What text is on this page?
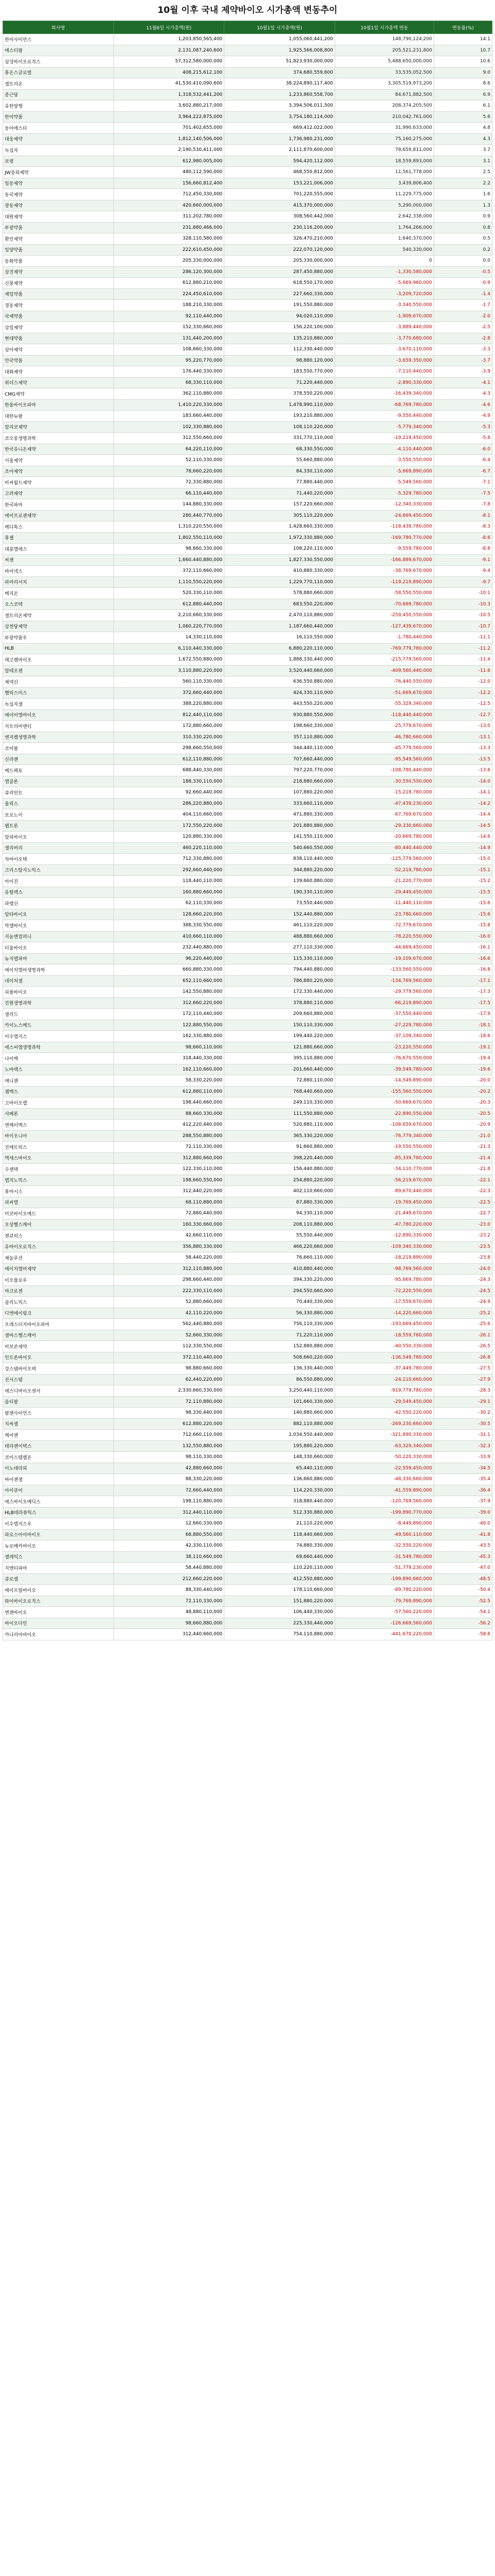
10월 이후 국내 제약바이오 시가총액 변동추이
회사명	11월6일 시가총액(원)	10월1일 시가총액(원)	10월1일 시가총액 변동	변동률(%)
한미사이언스	1,203,850,565,400	1,055,060,441,200	148,790,124,200	14.1
에스티팜	2,131,087,240,600	1,925,566,008,800	205,521,231,800	10.7
삼성바이오로직스	57,312,580,000,000	51,823,930,000,000	5,488,650,000,000	10.6
휴온스글로벌	408,215,612,100	374,680,559,600	33,535,052,500	9.0
셀트리온	41,530,410,090,600	38,224,890,117,400	3,305,519,973,200	8.6
종근당	1,318,532,441,200	1,233,860,558,700	84,671,882,500	6.9
유한양행	3,602,880,217,000	3,394,506,011,500	208,374,205,500	6.1
한미약품	3,964,222,875,000	3,754,180,114,000	210,042,761,000	5.6
동아에스티	701,402,655,000	669,412,022,000	31,990,633,000	4.8
대웅제약	1,812,140,506,000	1,736,980,231,000	75,160,275,000	4.3
녹십자	2,190,530,411,000	2,111,870,600,000	78,659,811,000	3.7
보령	612,980,005,000	594,420,112,000	18,559,893,000	3.1
JW중외제약	480,112,590,000	468,550,812,000	11,561,778,000	2.5
일동제약	156,660,812,400	153,221,006,000	3,439,806,400	2.2
동국제약	712,450,330,000	701,220,555,000	11,229,775,000	1.6
광동제약	420,660,000,000	415,370,000,000	5,290,000,000	1.3
대원제약	311,202,780,000	308,560,442,000	2,642,338,000	0.9
부광약품	231,880,466,000	230,116,200,000	1,764,266,000	0.8
환인제약	328,110,580,000	326,470,210,000	1,640,370,000	0.5
일양약품	222,610,450,000	222,070,120,000	540,330,000	0.2
동화약품	205,330,000,000	205,330,000,000	0	0.0
삼진제약	286,120,300,000	287,450,880,000	-1,330,580,000	-0.5
신풍제약	612,880,210,000	618,550,170,000	-5,669,960,000	-0.9
제일약품	224,450,610,000	227,660,330,000	-3,209,720,000	-1.4
경동제약	188,210,330,000	191,550,880,000	-3,340,550,000	-1.7
국제약품	92,110,440,000	94,020,110,000	-1,909,670,000	-2.0
삼일제약	152,330,660,000	156,220,100,000	-3,889,440,000	-2.5
현대약품	131,440,200,000	135,210,880,000	-3,770,680,000	-2.8
삼아제약	108,660,330,000	112,330,440,000	-3,670,110,000	-3.3
안국약품	95,220,770,000	98,880,120,000	-3,659,350,000	-3.7
대화제약	176,440,330,000	183,550,770,000	-7,110,440,000	-3.9
위더스제약	68,330,110,000	71,220,440,000	-2,890,330,000	-4.1
CMG제약	362,110,880,000	378,550,220,000	-16,439,340,000	-4.3
한올바이오파마	1,410,220,330,000	1,478,990,110,000	-68,769,780,000	-4.6
대한뉴팜	183,660,440,000	193,210,880,000	-9,550,440,000	-4.9
알리코제약	102,330,880,000	108,110,220,000	-5,779,340,000	-5.3
코오롱생명과학	312,550,660,000	331,770,110,000	-19,219,450,000	-5.8
한국유니온제약	64,220,110,000	68,330,550,000	-4,110,440,000	-6.0
서울제약	52,110,330,000	55,660,880,000	-3,550,550,000	-6.4
조아제약	78,660,220,000	84,330,110,000	-5,669,890,000	-6.7
비씨월드제약	72,330,880,000	77,880,440,000	-5,549,560,000	-7.1
고려제약	66,110,440,000	71,440,220,000	-5,329,780,000	-7.5
한국파마	144,880,330,000	157,220,660,000	-12,340,330,000	-7.8
에이프로젠제약	280,440,770,000	305,110,220,000	-24,669,450,000	-8.1
메디톡스	1,310,220,550,000	1,428,660,330,000	-118,439,780,000	-8.3
휴젤	1,802,550,110,000	1,972,330,880,000	-169,780,770,000	-8.6
대봉엘에스	98,660,330,000	108,220,110,000	-9,559,780,000	-8.8
씨젠	1,660,440,880,000	1,827,330,550,000	-166,889,670,000	-9.1
바이넥스	372,110,660,000	410,880,330,000	-38,769,670,000	-9.4
파마리서치	1,110,550,220,000	1,229,770,110,000	-119,219,890,000	-9.7
메지온	520,330,110,000	578,880,660,000	-58,550,550,000	-10.1
오스코텍	612,880,440,000	683,550,220,000	-70,669,780,000	-10.3
셀트리온제약	2,210,660,330,000	2,470,110,880,000	-259,450,550,000	-10.5
삼천당제약	1,060,220,770,000	1,187,660,440,000	-127,439,670,000	-10.7
부광약품우	14,330,110,000	16,110,550,000	-1,780,440,000	-11.1
HLB	6,110,440,330,000	6,880,220,110,000	-769,779,780,000	-11.2
레고켐바이오	1,672,550,880,000	1,888,330,440,000	-215,779,560,000	-11.4
알테오젠	3,110,880,220,000	3,520,440,660,000	-409,560,440,000	-11.6
제넥신	560,110,330,000	636,550,880,000	-76,440,550,000	-12.0
헬릭스미스	372,660,440,000	424,330,110,000	-51,669,670,000	-12.2
녹십자셀	388,220,880,000	443,550,220,000	-55,329,340,000	-12.5
에이비엘바이오	812,440,110,000	930,880,550,000	-118,440,440,000	-12.7
지트리비앤티	172,880,660,000	198,660,330,000	-25,779,670,000	-13.0
엔지켐생명과학	310,330,220,000	357,110,880,000	-46,780,660,000	-13.1
코미팜	298,660,550,000	344,440,110,000	-45,779,560,000	-13.3
신라젠	612,110,880,000	707,660,440,000	-95,549,560,000	-13.5
메드팩토	688,440,330,000	797,220,770,000	-108,780,440,000	-13.6
앱클론	188,330,110,000	218,880,660,000	-30,550,550,000	-14.0
큐리언트	92,660,440,000	107,880,220,000	-15,219,780,000	-14.1
올릭스	286,220,880,000	333,660,110,000	-47,439,230,000	-14.2
보로노이	404,110,660,000	471,880,330,000	-67,769,670,000	-14.4
펩트론	172,550,220,000	201,880,880,000	-29,330,660,000	-14.5
알피바이오	120,880,330,000	141,550,110,000	-20,669,780,000	-14.6
셀리버리	460,220,110,000	540,660,550,000	-80,440,440,000	-14.9
차바이오텍	712,330,880,000	838,110,440,000	-125,779,560,000	-15.0
크리스탈지노믹스	292,660,440,000	344,880,220,000	-52,219,780,000	-15.1
아이진	118,440,110,000	139,660,880,000	-21,220,770,000	-15.2
유틸렉스	160,880,660,000	190,330,110,000	-29,449,450,000	-15.5
파멥신	62,110,330,000	73,550,440,000	-11,440,110,000	-15.6
압타바이오	128,660,220,000	152,440,880,000	-23,780,660,000	-15.6
박셀바이오	388,330,550,000	461,110,220,000	-72,779,670,000	-15.8
지놈앤컴퍼니	410,660,110,000	488,880,660,000	-78,220,550,000	-16.0
티움바이오	232,440,880,000	277,110,330,000	-44,669,450,000	-16.1
뉴지랩파마	96,220,440,000	115,330,110,000	-19,109,670,000	-16.6
에이치엘비생명과학	660,880,330,000	794,440,880,000	-133,560,550,000	-16.8
네이처셀	652,110,660,000	786,880,220,000	-134,769,560,000	-17.1
피플바이오	142,550,880,000	172,330,440,000	-29,779,560,000	-17.3
진원생명과학	312,660,220,000	378,880,110,000	-66,219,890,000	-17.5
셀리드	172,110,440,000	209,660,880,000	-37,550,440,000	-17.9
카이노스메드	122,880,550,000	150,110,330,000	-27,229,780,000	-18.1
이수앱지스	162,330,880,000	199,440,220,000	-37,109,340,000	-18.6
에스씨엠생명과학	98,660,110,000	121,880,660,000	-23,220,550,000	-19.1
나이벡	318,440,330,000	395,110,880,000	-76,670,550,000	-19.4
노바렉스	162,110,660,000	201,660,440,000	-39,549,780,000	-19.6
애니젠	58,330,220,000	72,880,110,000	-14,549,890,000	-20.0
젬백스	612,880,110,000	768,440,660,000	-155,560,550,000	-20.2
고바이오랩	198,440,660,000	249,110,330,000	-50,669,670,000	-20.3
샤페론	88,660,330,000	111,550,880,000	-22,890,550,000	-20.5
엔케이맥스	412,220,440,000	520,880,110,000	-108,659,670,000	-20.9
바이오니아	288,550,880,000	365,330,220,000	-76,779,340,000	-21.0
진매트릭스	72,110,330,000	91,660,880,000	-19,550,550,000	-21.3
엑세스바이오	312,880,660,000	398,220,440,000	-85,339,780,000	-21.4
수젠텍	122,330,110,000	156,440,880,000	-34,110,770,000	-21.8
랩지노믹스	198,660,550,000	254,880,220,000	-56,219,670,000	-22.1
휴마시스	312,440,220,000	402,110,660,000	-89,670,440,000	-22.3
피씨엘	68,110,880,000	87,880,330,000	-19,769,450,000	-22.5
미코바이오메드	72,880,440,000	94,330,110,000	-21,449,670,000	-22.7
오상헬스케어	160,330,660,000	208,110,880,000	-47,780,220,000	-23.0
젠큐릭스	42,660,110,000	55,550,440,000	-12,890,330,000	-23.2
유바이오로직스	356,880,330,000	466,220,660,000	-109,340,330,000	-23.5
제놀루션	58,440,220,000	76,660,110,000	-18,219,890,000	-23.8
에이치엘비제약	312,110,880,000	410,880,440,000	-98,769,560,000	-24.0
이오플로우	298,660,440,000	394,330,220,000	-95,669,780,000	-24.3
마크로젠	222,330,110,000	294,550,660,000	-72,220,550,000	-24.5
클리노믹스	52,880,660,000	70,440,330,000	-17,559,670,000	-24.9
디엔에이링크	42,110,220,000	56,330,880,000	-14,220,660,000	-25.2
프레스티지바이오파마	562,440,880,000	756,110,330,000	-193,669,450,000	-25.6
셀바스헬스케어	52,660,330,000	71,220,110,000	-18,559,780,000	-26.1
비보존제약	112,330,550,000	152,880,880,000	-40,550,330,000	-26.5
인트론바이오	372,110,440,000	508,660,220,000	-136,549,780,000	-26.8
강스템바이오텍	98,880,660,000	136,330,440,000	-37,449,780,000	-27.5
진시스템	62,440,220,000	86,550,880,000	-24,110,660,000	-27.9
에스디바이오센서	2,330,660,330,000	3,250,440,110,000	-919,779,780,000	-28.3
옵티팜	72,110,880,000	101,660,330,000	-29,549,450,000	-29.1
팜젠사이언스	98,330,440,000	140,880,660,000	-42,550,220,000	-30.2
지씨셀	612,880,220,000	882,110,880,000	-269,230,660,000	-30.5
케어젠	712,660,110,000	1,034,550,440,000	-321,890,330,000	-31.1
테라젠이텍스	132,550,880,000	195,880,220,000	-63,329,340,000	-32.3
코아스템켐온	98,110,330,000	148,330,660,000	-50,220,330,000	-33.9
이노테라피	42,880,660,000	65,440,110,000	-22,559,450,000	-34.5
바이젠셀	88,330,220,000	136,660,880,000	-48,330,660,000	-35.4
아이큐어	72,660,440,000	114,220,330,000	-41,559,890,000	-36.4
에스바이오메딕스	198,110,880,000	318,880,440,000	-120,769,560,000	-37.9
HLB테라퓨틱스	312,440,110,000	512,330,880,000	-199,890,770,000	-39.0
이수앱지스우	12,660,330,000	21,110,220,000	-8,449,890,000	-40.0
파로스아이바이오	68,880,550,000	118,440,660,000	-49,560,110,000	-41.8
뉴로메카바이오	42,330,110,000	74,880,330,000	-32,550,220,000	-43.5
셀레믹스	38,110,660,000	69,660,440,000	-31,549,780,000	-45.3
지엔티파마	58,440,880,000	110,220,110,000	-51,779,230,000	-47.0
큐로셀	212,660,220,000	412,550,880,000	-199,890,660,000	-48.5
에이프릴바이오	88,330,440,000	178,110,660,000	-89,780,220,000	-50.4
와이바이오로직스	72,110,330,000	151,880,220,000	-79,769,890,000	-52.5
엔젠바이오	48,880,110,000	106,440,330,000	-57,560,220,000	-54.1
바이오다인	98,660,880,000	225,330,440,000	-126,669,560,000	-56.2
카나리아바이오	312,440,660,000	754,110,880,000	-441,670,220,000	-58.6
